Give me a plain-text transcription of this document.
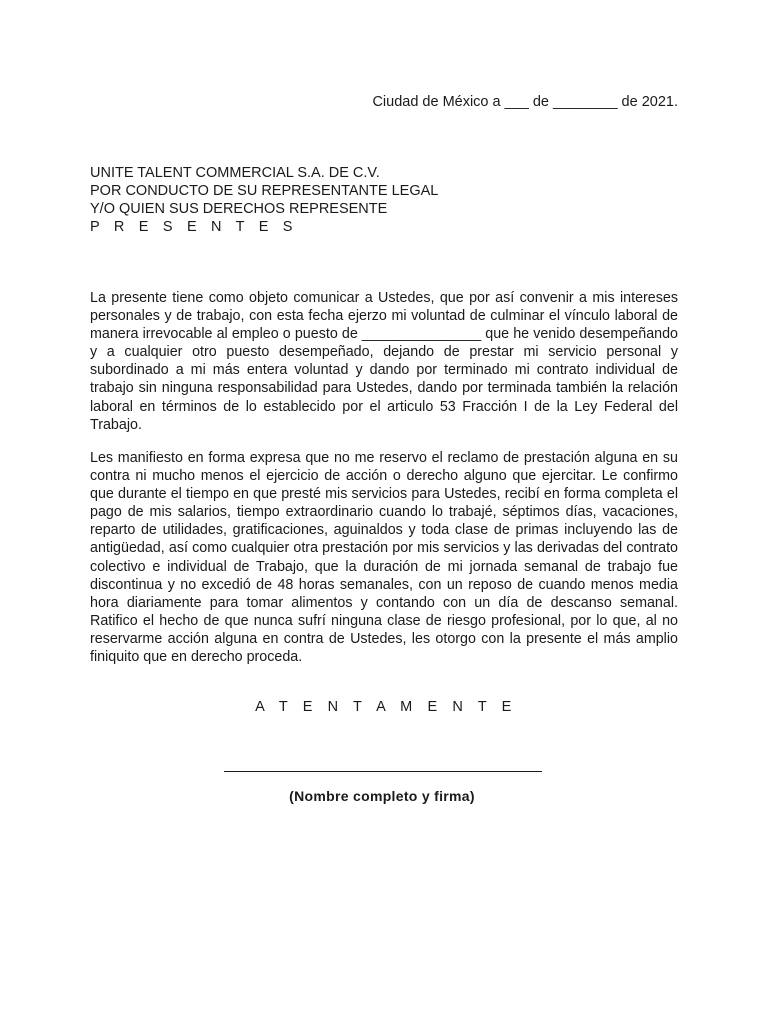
Ciudad de México a ___ de ________ de 2021.
UNITE TALENT COMMERCIAL S.A. DE C.V.
POR CONDUCTO DE SU REPRESENTANTE LEGAL
Y/O QUIEN SUS DERECHOS REPRESENTE
P R E S E N T E S

La presente tiene como objeto comunicar a Ustedes, que por así convenir a mis intereses personales y de trabajo, con esta fecha ejerzo mi voluntad de culminar el vínculo laboral de manera irrevocable al empleo o puesto de _______________ que he venido desempeñando y a cualquier otro puesto desempeñado, dejando de prestar mi servicio personal y subordinado a mi más entera voluntad y dando por terminado mi contrato individual de trabajo sin ninguna responsabilidad para Ustedes, dando por terminada también la relación laboral en términos de lo establecido por el articulo 53 Fracción I de la Ley Federal del Trabajo.

Les manifiesto en forma expresa que no me reservo el reclamo de prestación alguna en su contra ni mucho menos el ejercicio de acción o derecho alguno que ejercitar. Le confirmo que durante el tiempo en que presté mis servicios para Ustedes, recibí en forma completa el pago de mis salarios, tiempo extraordinario cuando lo trabajé, séptimos días, vacaciones, reparto de utilidades, gratificaciones, aguinaldos y toda clase de primas incluyendo las de antigüedad, así como cualquier otra prestación por mis servicios y las derivadas del contrato colectivo e individual de Trabajo, que la duración de mi jornada semanal de trabajo fue discontinua y no excedió de 48 horas semanales, con un reposo de cuando menos media hora diariamente para tomar alimentos y contando con un día de descanso semanal. Ratifico el hecho de que nunca sufrí ninguna clase de riesgo profesional, por lo que, al no reservarme acción alguna en contra de Ustedes, les otorgo con la presente el más amplio finiquito que en derecho proceda.

A T E N T A M E N T E
(Nombre completo y firma)
